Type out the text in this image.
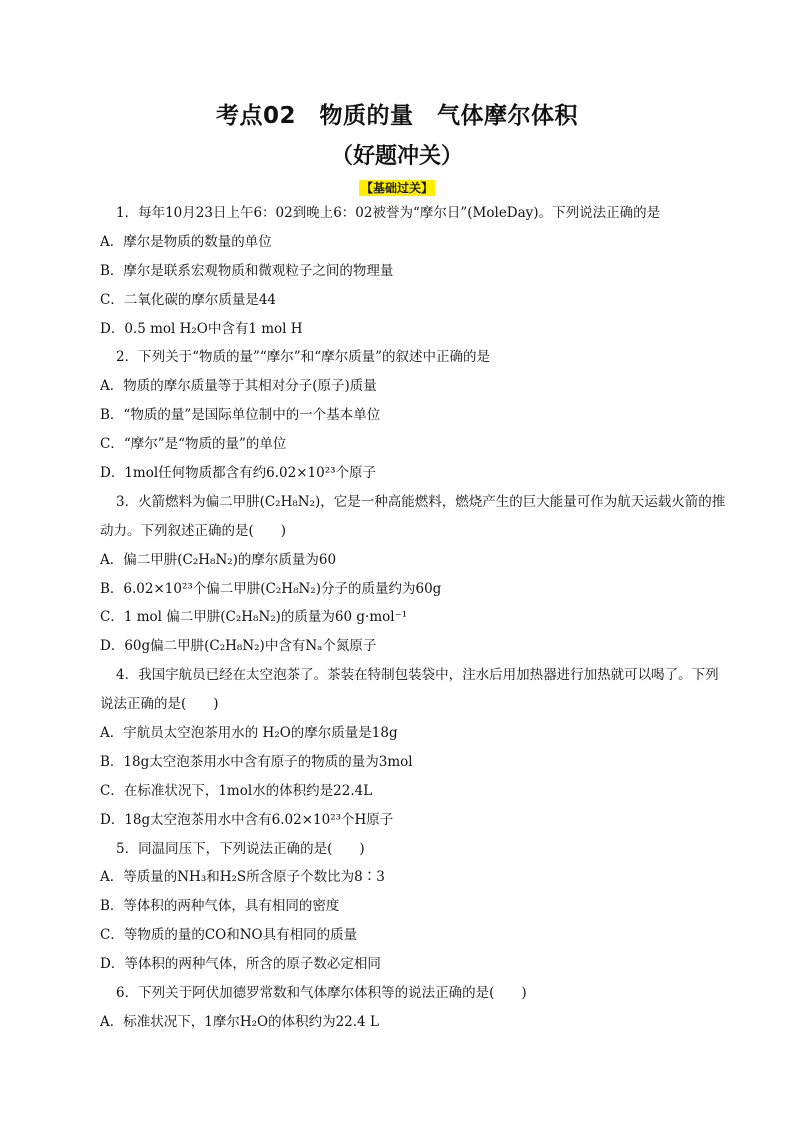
考点02　物质的量　气体摩尔体积
（好题冲关）
【基础过关】
1．每年10月23日上午6：02到晚上6：02被誉为“摩尔日”(MoleDay)。下列说法正确的是
A．摩尔是物质的数量的单位
B．摩尔是联系宏观物质和微观粒子之间的物理量
C．二氧化碳的摩尔质量是44
D．0.5 mol H₂O中含有1 mol H
2．下列关于“物质的量”“摩尔”和“摩尔质量”的叙述中正确的是
A．物质的摩尔质量等于其相对分子(原子)质量
B．“物质的量”是国际单位制中的一个基本单位
C．“摩尔”是“物质的量”的单位
D．1mol任何物质都含有约6.02×10²³个原子
3．火箭燃料为偏二甲肼(C₂H₈N₂)，它是一种高能燃料，燃烧产生的巨大能量可作为航天运载火箭的推
动力。下列叙述正确的是(　　)
A．偏二甲肼(C₂H₈N₂)的摩尔质量为60
B．6.02×10²³个偏二甲肼(C₂H₈N₂)分子的质量约为60g
C．1 mol 偏二甲肼(C₂H₈N₂)的质量为60 g·mol⁻¹
D．60g偏二甲肼(C₂H₈N₂)中含有Nₐ个氮原子
4．我国宇航员已经在太空泡茶了。茶装在特制包装袋中，注水后用加热器进行加热就可以喝了。下列
说法正确的是(　　)
A．宇航员太空泡茶用水的 H₂O的摩尔质量是18g
B．18g太空泡茶用水中含有原子的物质的量为3mol
C．在标准状况下，1mol水的体积约是22.4L
D．18g太空泡茶用水中含有6.02×10²³个H原子
5．同温同压下，下列说法正确的是(　　)
A．等质量的NH₃和H₂S所含原子个数比为8∶3
B．等体积的两种气体，具有相同的密度
C．等物质的量的CO和NO具有相同的质量
D．等体积的两种气体，所含的原子数必定相同
6．下列关于阿伏加德罗常数和气体摩尔体积等的说法正确的是(　　)
A．标准状况下，1摩尔H₂O的体积约为22.4 L
